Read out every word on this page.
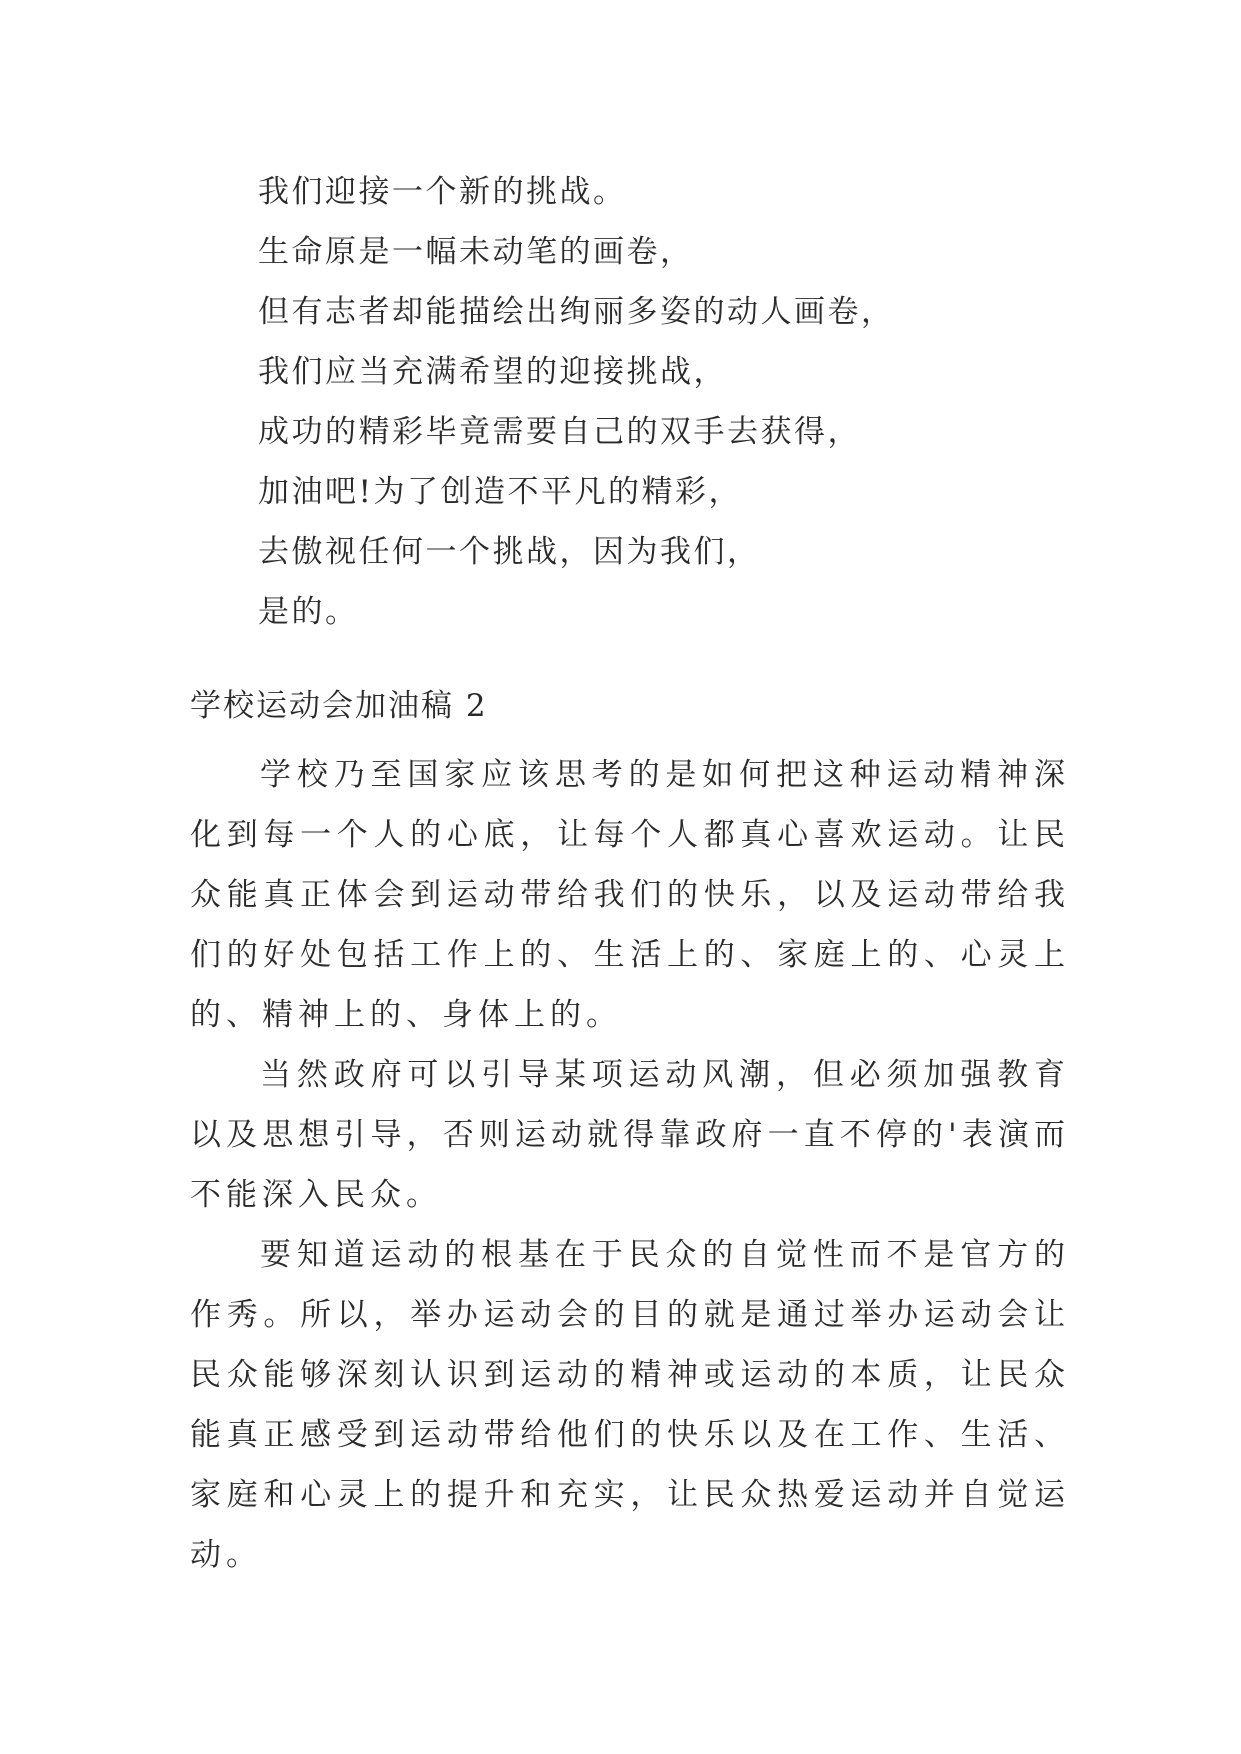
我们迎接一个新的挑战。
生命原是一幅未动笔的画卷，
但有志者却能描绘出绚丽多姿的动人画卷，
我们应当充满希望的迎接挑战，
成功的精彩毕竟需要自己的双手去获得，
加油吧!为了创造不平凡的精彩，
去傲视任何一个挑战，因为我们，
是的。
学校运动会加油稿 2

学校乃至国家应该思考的是如何把这种运动精神深化到每一个人的心底，让每个人都真心喜欢运动。让民众能真正体会到运动带给我们的快乐，以及运动带给我们的好处包括工作上的、生活上的、家庭上的、心灵上的、精神上的、身体上的。

当然政府可以引导某项运动风潮，但必须加强教育以及思想引导，否则运动就得靠政府一直不停的'表演而不能深入民众。

要知道运动的根基在于民众的自觉性而不是官方的作秀。所以，举办运动会的目的就是通过举办运动会让民众能够深刻认识到运动的精神或运动的本质，让民众能真正感受到运动带给他们的快乐以及在工作、生活、家庭和心灵上的提升和充实，让民众热爱运动并自觉运动。
